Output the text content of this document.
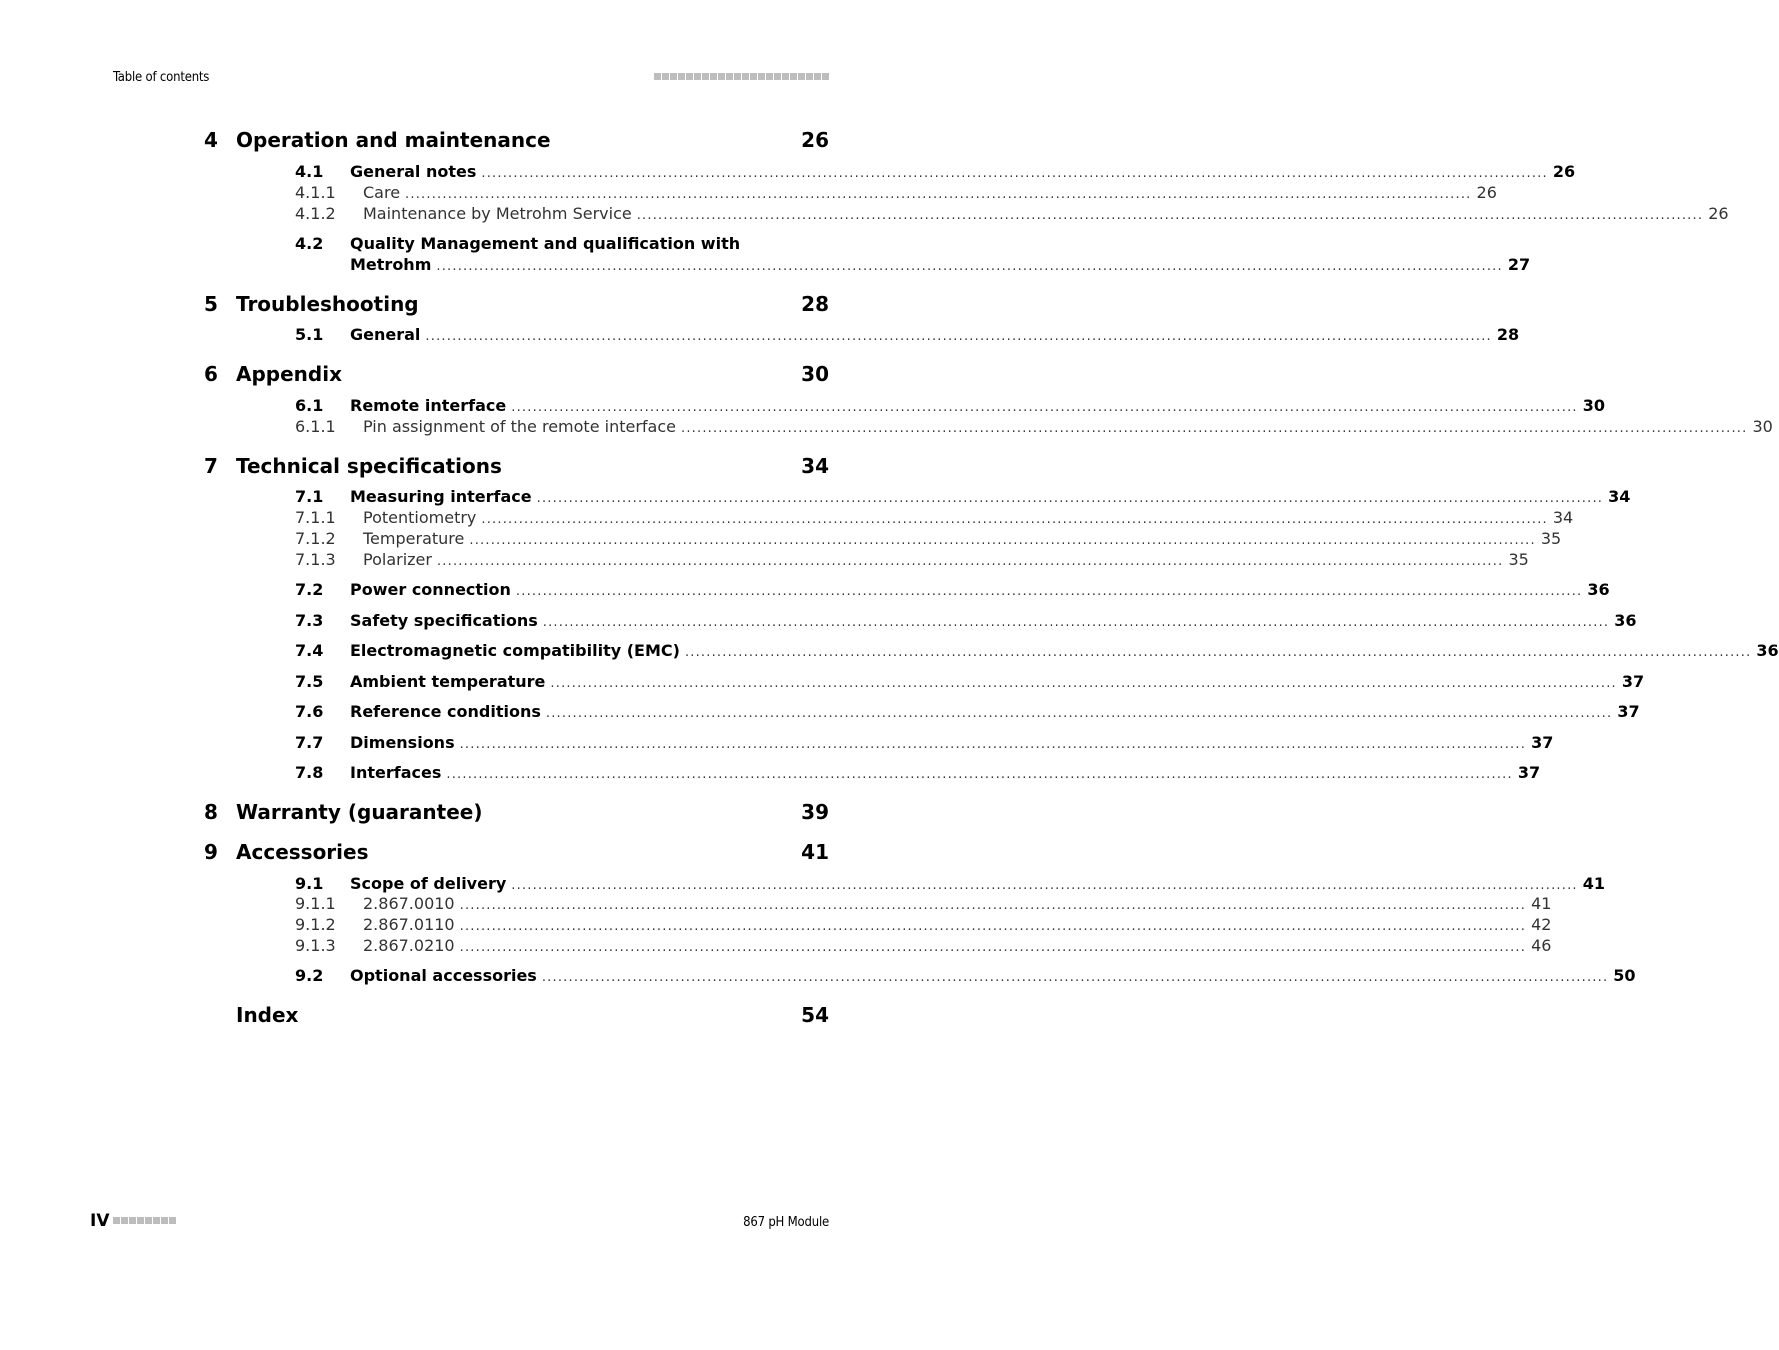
Table of contents
4 Operation and maintenance	26
4.1 General notes ........................................................................................................................................................................................................ 26
4.1.1 Care ........................................................................................................................................................................................................ 26
4.1.2 Maintenance by Metrohm Service ........................................................................................................................................................................................................ 26
4.2 Quality Management and qualification with
Metrohm ........................................................................................................................................................................................................ 27
5 Troubleshooting	28
5.1 General ........................................................................................................................................................................................................ 28
6 Appendix	30
6.1 Remote interface ........................................................................................................................................................................................................ 30
6.1.1 Pin assignment of the remote interface ........................................................................................................................................................................................................ 30
7 Technical specifications	34
7.1 Measuring interface ........................................................................................................................................................................................................ 34
7.1.1 Potentiometry ........................................................................................................................................................................................................ 34
7.1.2 Temperature ........................................................................................................................................................................................................ 35
7.1.3 Polarizer ........................................................................................................................................................................................................ 35
7.2 Power connection ........................................................................................................................................................................................................ 36
7.3 Safety specifications ........................................................................................................................................................................................................ 36
7.4 Electromagnetic compatibility (EMC) ........................................................................................................................................................................................................ 36
7.5 Ambient temperature ........................................................................................................................................................................................................ 37
7.6 Reference conditions ........................................................................................................................................................................................................ 37
7.7 Dimensions ........................................................................................................................................................................................................ 37
7.8 Interfaces ........................................................................................................................................................................................................ 37
8 Warranty (guarantee)	39
9 Accessories	41
9.1 Scope of delivery ........................................................................................................................................................................................................ 41
9.1.1 2.867.0010 ........................................................................................................................................................................................................ 41
9.1.2 2.867.0110 ........................................................................................................................................................................................................ 42
9.1.3 2.867.0210 ........................................................................................................................................................................................................ 46
9.2 Optional accessories ........................................................................................................................................................................................................ 50
Index	54
IV	867 pH Module
